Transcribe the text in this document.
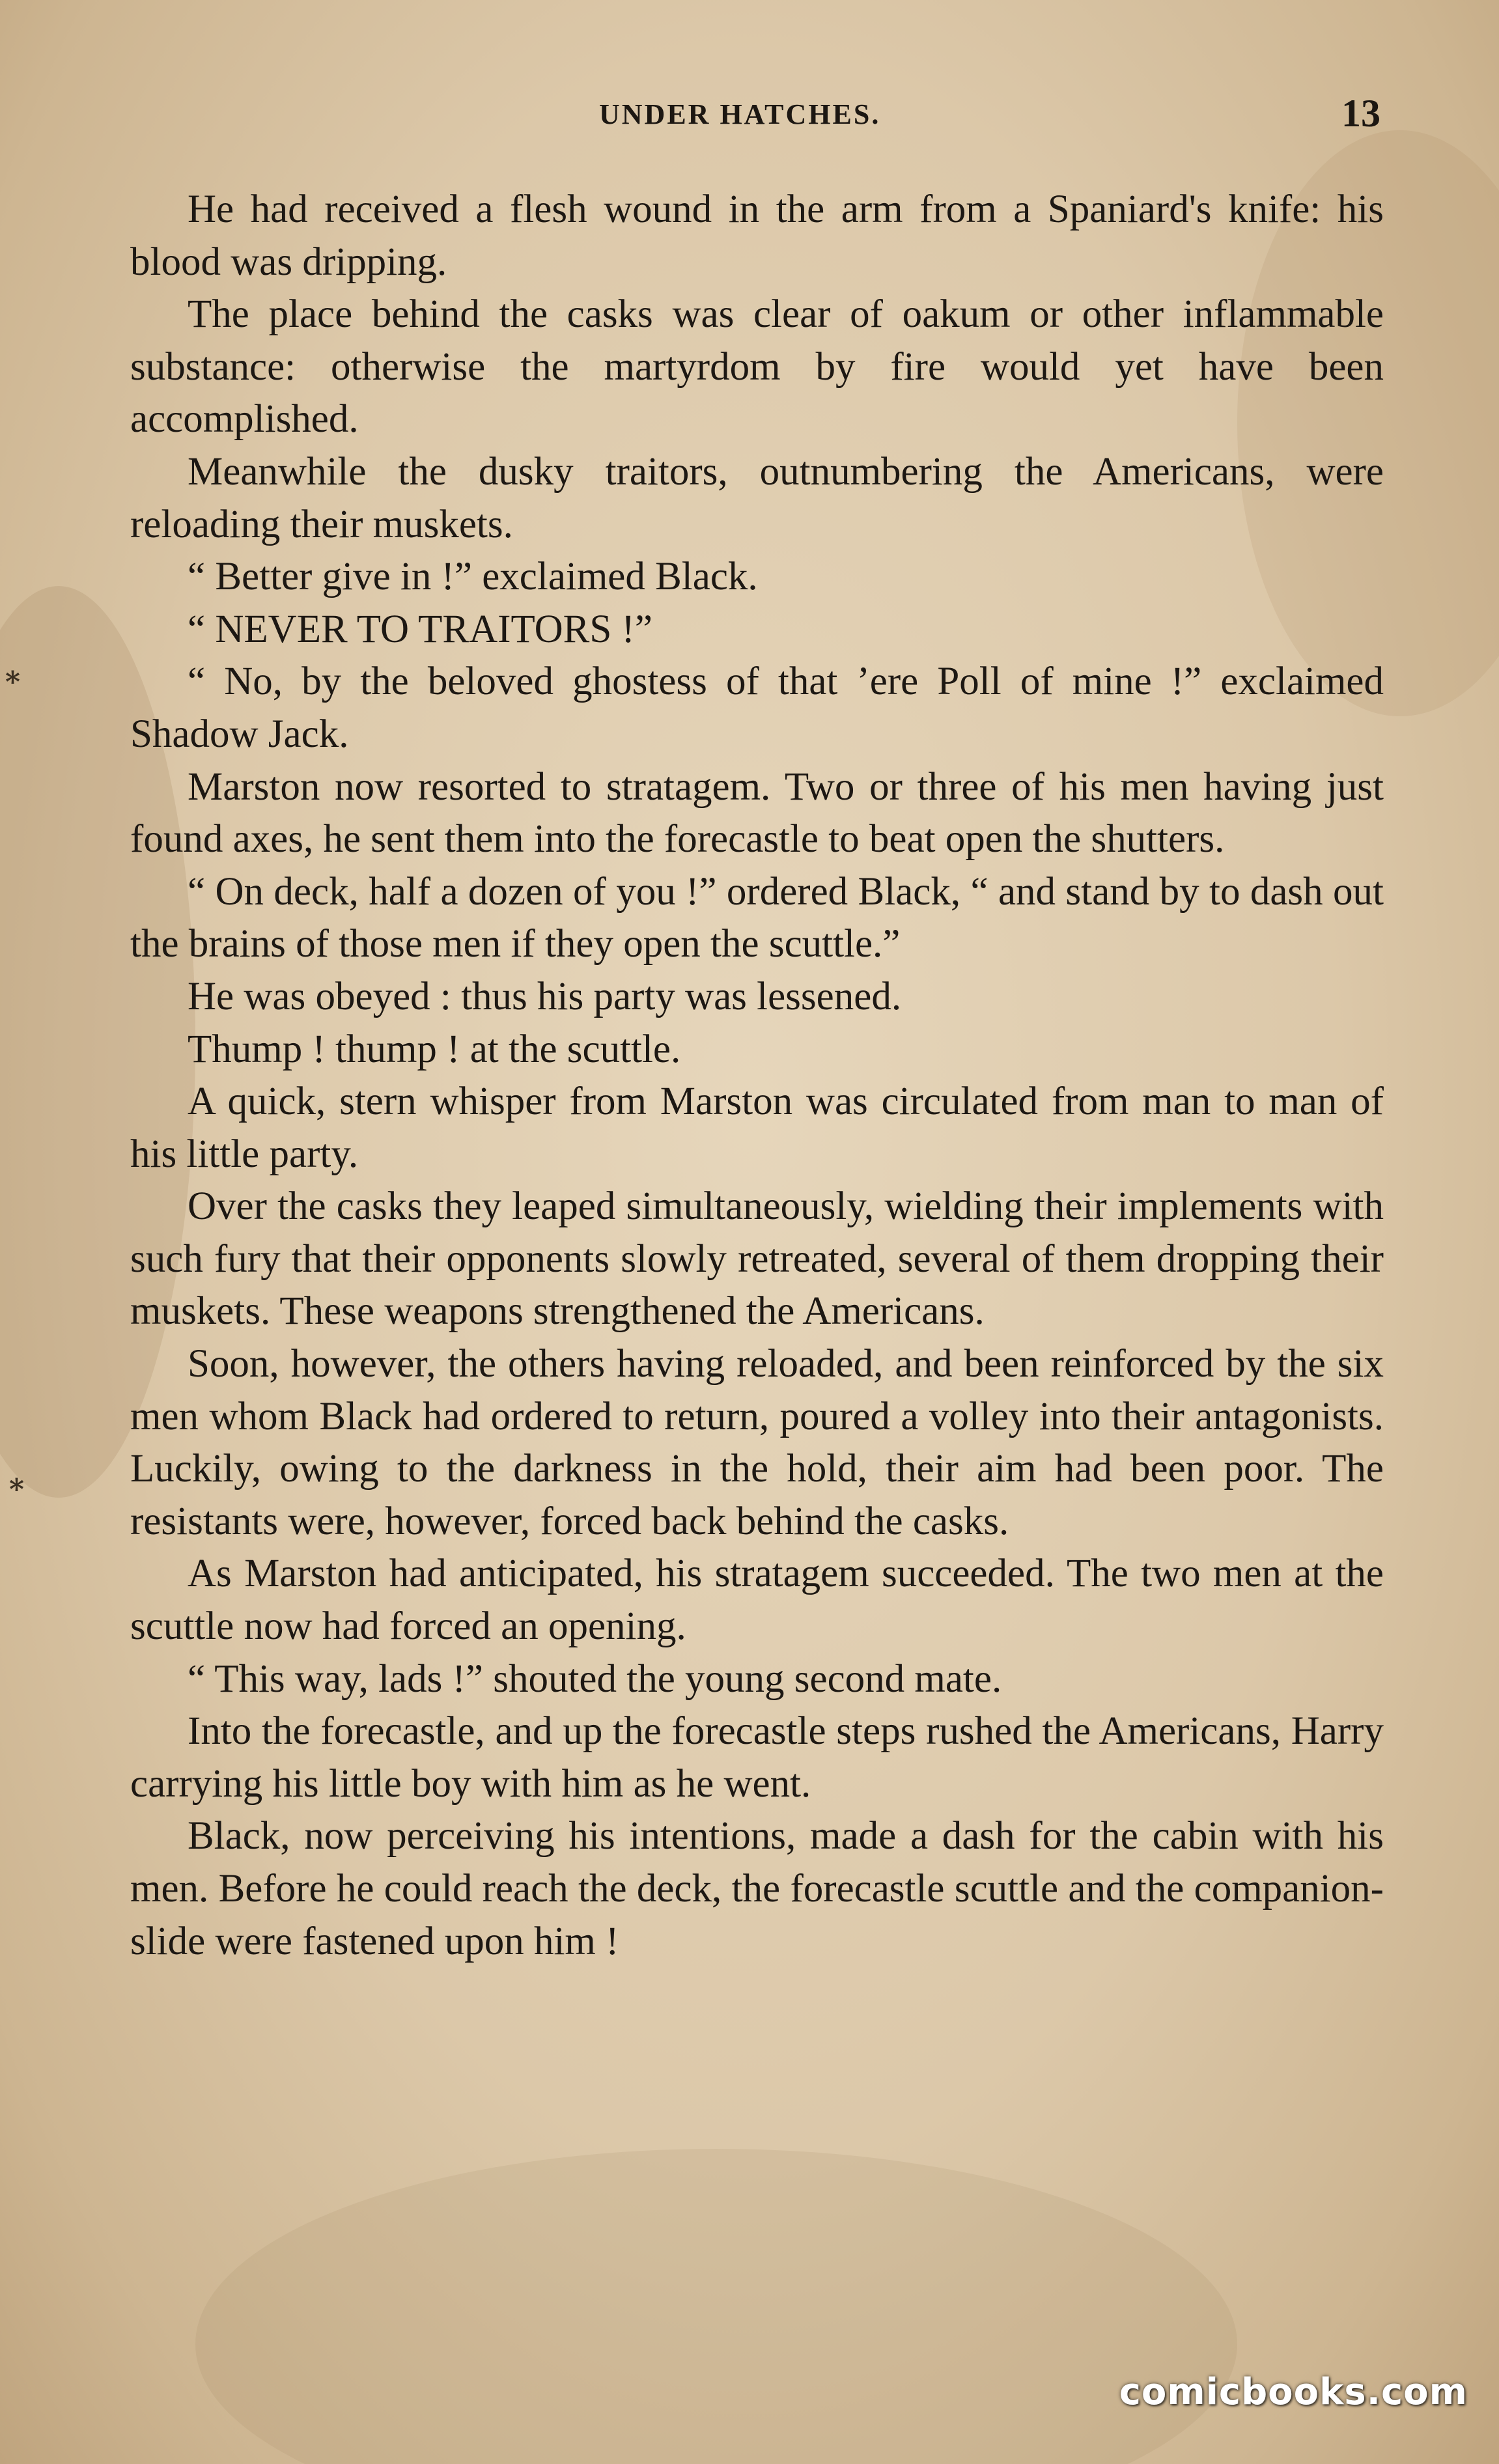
⁎
⁎
UNDER HATCHES.	13

He had received a flesh wound in the arm from a Spaniard's knife: his blood was dripping.

The place behind the casks was clear of oakum or other inflammable substance: otherwise the martyrdom by fire would yet have been accomplished.

Meanwhile the dusky traitors, outnumbering the Americans, were reloading their muskets.

“ Better give in !” exclaimed Black.

“ NEVER TO TRAITORS !”

“ No, by the beloved ghostess of that ’ere Poll of mine !” exclaimed Shadow Jack.

Marston now resorted to stratagem. Two or three of his men having just found axes, he sent them into the forecastle to beat open the shutters.

“ On deck, half a dozen of you !” ordered Black, “ and stand by to dash out the brains of those men if they open the scuttle.”

He was obeyed : thus his party was lessened.

Thump ! thump ! at the scuttle.

A quick, stern whisper from Marston was circulated from man to man of his little party.

Over the casks they leaped simultaneously, wielding their implements with such fury that their opponents slowly retreated, several of them dropping their muskets. These weapons strengthened the Americans.

Soon, however, the others having reloaded, and been reinforced by the six men whom Black had ordered to return, poured a volley into their antagonists. Luckily, owing to the darkness in the hold, their aim had been poor. The resistants were, however, forced back behind the casks.

As Marston had anticipated, his stratagem succeeded. The two men at the scuttle now had forced an opening.

“ This way, lads !” shouted the young second mate.

Into the forecastle, and up the forecastle steps rushed the Americans, Harry carrying his little boy with him as he went.

Black, now perceiving his intentions, made a dash for the cabin with his men. Before he could reach the deck, the forecastle scuttle and the companion-slide were fastened upon him !

comicbooks.com
